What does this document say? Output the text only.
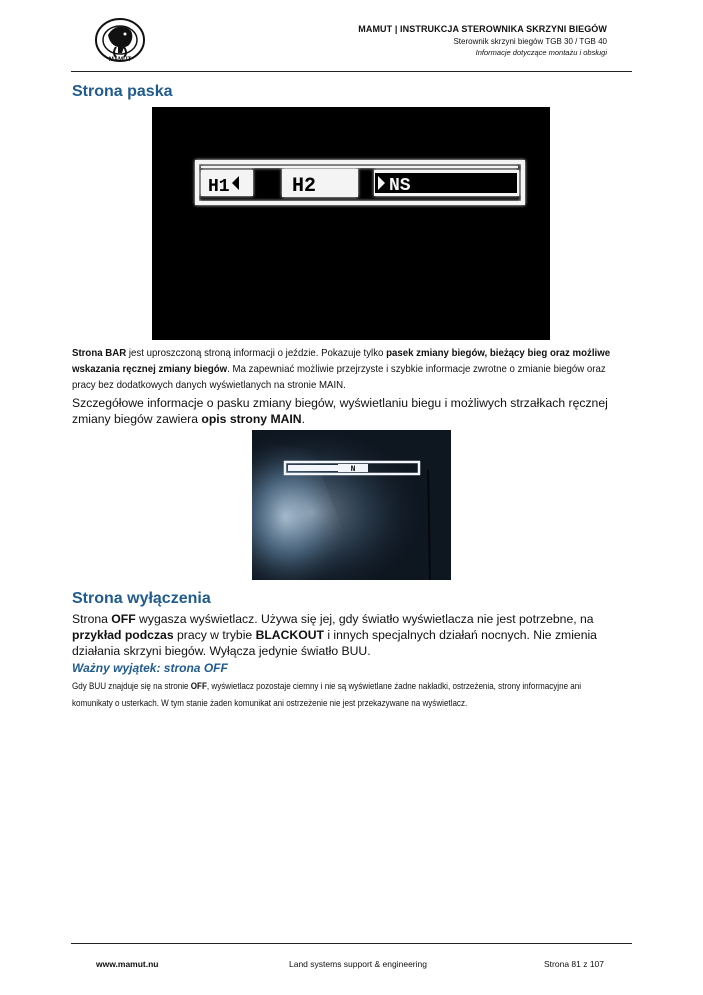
MAMUT
MAMUT | INSTRUKCJA STEROWNIKA SKRZYNI BIEGÓW
Sterownik skrzyni biegów TGB 30 / TGB 40
Informacje dotyczące montażu i obsługi
Strona paska
H1	H2	NS

Strona BAR jest uproszczoną stroną informacji o jeździe. Pokazuje tylko pasek zmiany biegów, bieżący bieg oraz możliwe wskazania ręcznej zmiany biegów. Ma zapewniać możliwie przejrzyste i szybkie informacje zwrotne o zmianie biegów oraz pracy bez dodatkowych danych wyświetlanych na stronie MAIN.

Szczegółowe informacje o pasku zmiany biegów, wyświetlaniu biegu i możliwych strzałkach ręcznej zmiany biegów zawiera opis strony MAIN.

N
Strona wyłączenia

Strona OFF wygasza wyświetlacz. Używa się jej, gdy światło wyświetlacza nie jest potrzebne, na przykład podczas pracy w trybie BLACKOUT i innych specjalnych działań nocnych. Nie zmienia działania skrzyni biegów. Wyłącza jedynie światło BUU.

Ważny wyjątek: strona OFF

Gdy BUU znajduje się na stronie OFF, wyświetlacz pozostaje ciemny i nie są wyświetlane żadne nakładki, ostrzeżenia, strony informacyjne ani komunikaty o usterkach. W tym stanie żaden komunikat ani ostrzeżenie nie jest przekazywane na wyświetlacz.

www.mamut.nu	Land systems support & engineering	Strona 81 z 107
